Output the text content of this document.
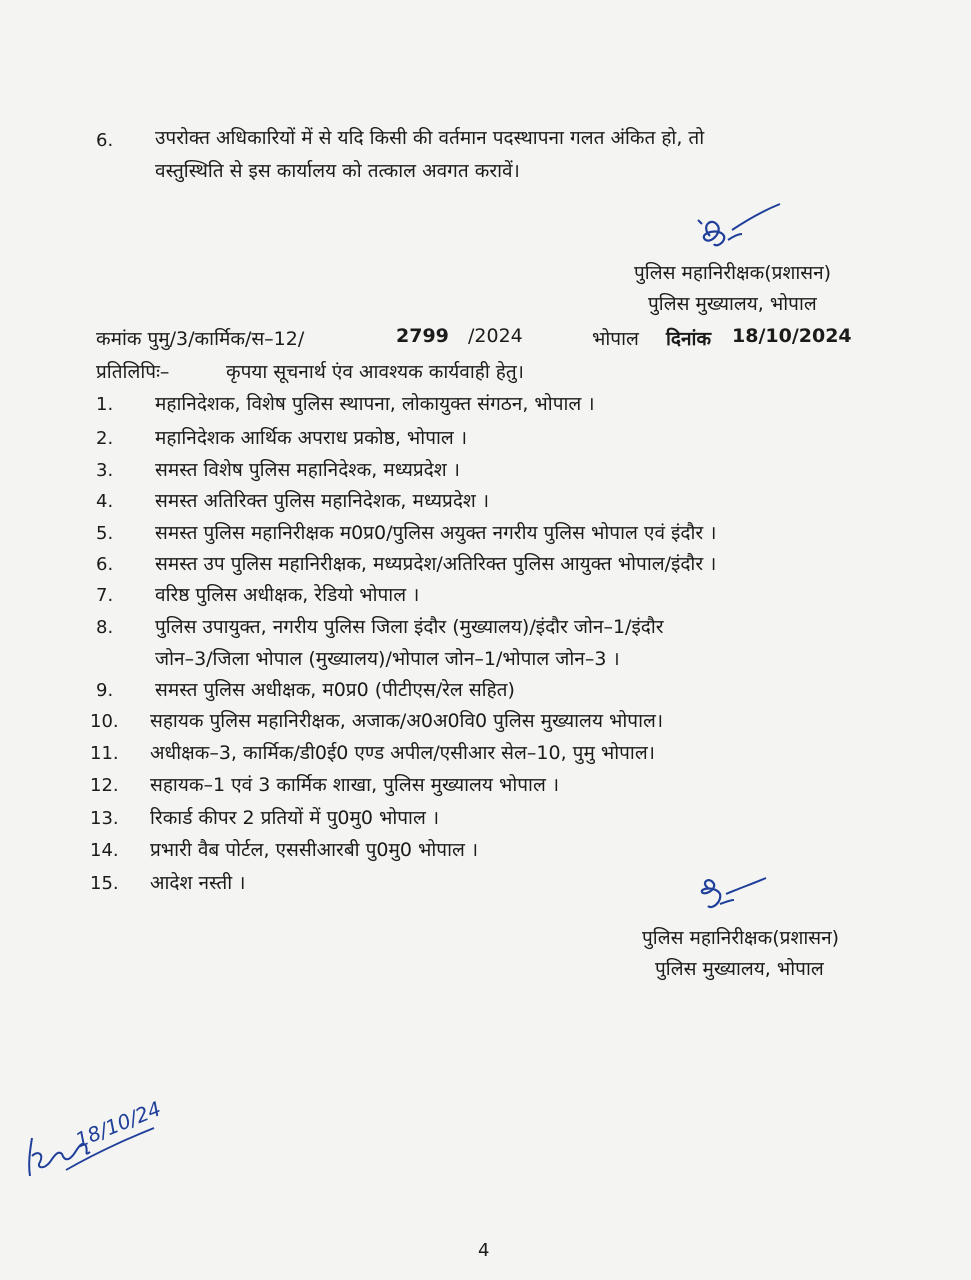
6. उपरोक्त अधिकारियों में से यदि किसी की वर्तमान पदस्थापना गलत अंकित हो, तो
वस्तुस्थिति से इस कार्यालय को तत्काल अवगत करावें।
पुलिस महानिरीक्षक(प्रशासन)
पुलिस मुख्यालय, भोपाल
कमांक पुमु/3/कार्मिक/स–12/	2799 /2024	भोपाल दिनांक 18/10/2024
प्रतिलिपिः–	कृपया सूचनार्थ एंव आवश्यक कार्यवाही हेतु।
1. महानिदेशक, विशेष पुलिस स्थापना, लोकायुक्त संगठन, भोपाल ।
2. महानिदेशक आर्थिक अपराध प्रकोष्ठ, भोपाल ।
3. समस्त विशेष पुलिस महानिदेश्क, मध्यप्रदेश ।
4. समस्त अतिरिक्त पुलिस महानिदेशक, मध्यप्रदेश ।
5. समस्त पुलिस महानिरीक्षक म0प्र0/पुलिस अयुक्त नगरीय पुलिस भोपाल एवं इंदौर ।
6. समस्त उप पुलिस महानिरीक्षक, मध्यप्रदेश/अतिरिक्त पुलिस आयुक्त भोपाल/इंदौर ।
7. वरिष्ठ पुलिस अधीक्षक, रेडियो भोपाल ।
8. पुलिस उपायुक्त, नगरीय पुलिस जिला इंदौर (मुख्यालय)/इंदौर जोन–1/इंदौर
जोन–3/जिला भोपाल (मुख्यालय)/भोपाल जोन–1/भोपाल जोन–3 ।
9. समस्त पुलिस अधीक्षक, म0प्र0 (पीटीएस/रेल सहित)
10. सहायक पुलिस महानिरीक्षक, अजाक/अ0अ0वि0 पुलिस मुख्यालय भोपाल।
11. अधीक्षक–3, कार्मिक/डी0ई0 एण्ड अपील/एसीआर सेल–10, पुमु भोपाल।
12. सहायक–1 एवं 3 कार्मिक शाखा, पुलिस मुख्यालय भोपाल ।
13. रिकार्ड कीपर 2 प्रतियों में पु0मु0 भोपाल ।
14. प्रभारी वैब पोर्टल, एससीआरबी पु0मु0 भोपाल ।
15. आदेश नस्ती ।
पुलिस महानिरीक्षक(प्रशासन)
पुलिस मुख्यालय, भोपाल
18/10/24
4
